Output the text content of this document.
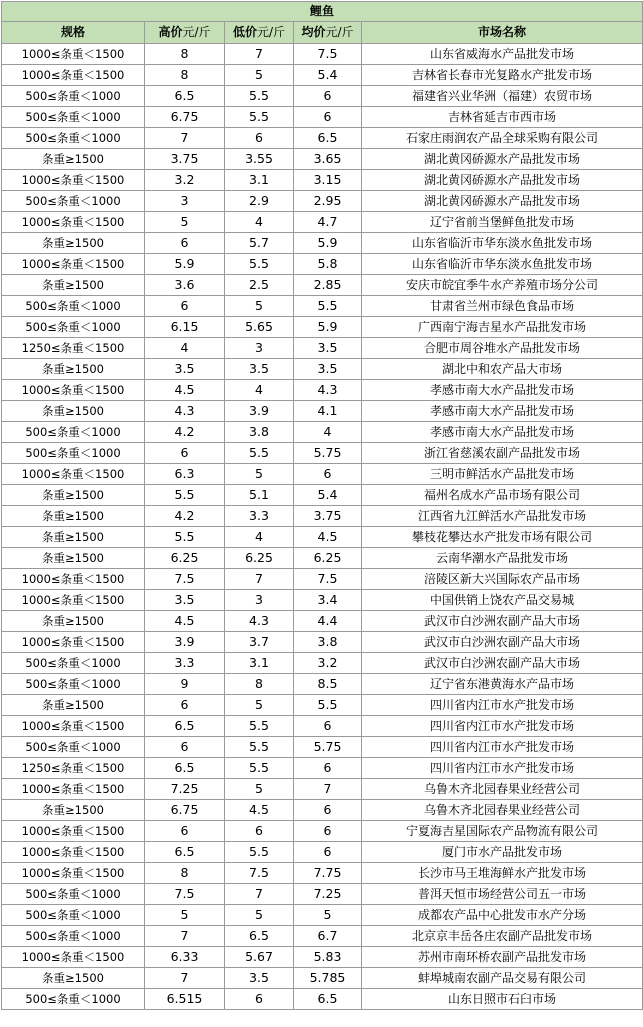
鲤鱼				
规格	高价元/斤	低价元/斤	均价元/斤	市场名称
1000≤条重＜1500	8	7	7.5	山东省威海水产品批发市场
1000≤条重＜1500	8	5	5.4	吉林省长春市光复路水产批发市场
500≤条重＜1000	6.5	5.5	6	福建省兴业华洲（福建）农贸市场
500≤条重＜1000	6.75	5.5	6	吉林省延吉市西市场
500≤条重＜1000	7	6	6.5	石家庄雨润农产品全球采购有限公司
条重≥1500	3.75	3.55	3.65	湖北黄冈硚源水产品批发市场
1000≤条重＜1500	3.2	3.1	3.15	湖北黄冈硚源水产品批发市场
500≤条重＜1000	3	2.9	2.95	湖北黄冈硚源水产品批发市场
1000≤条重＜1500	5	4	4.7	辽宁省前当堡鲜鱼批发市场
条重≥1500	6	5.7	5.9	山东省临沂市华东淡水鱼批发市场
1000≤条重＜1500	5.9	5.5	5.8	山东省临沂市华东淡水鱼批发市场
条重≥1500	3.6	2.5	2.85	安庆市皖宜季牛水产养殖市场分公司
500≤条重＜1000	6	5	5.5	甘肃省兰州市绿色食品市场
500≤条重＜1000	6.15	5.65	5.9	广西南宁海吉星水产品批发市场
1250≤条重＜1500	4	3	3.5	合肥市周谷堆水产品批发市场
条重≥1500	3.5	3.5	3.5	湖北中和农产品大市场
1000≤条重＜1500	4.5	4	4.3	孝感市南大水产品批发市场
条重≥1500	4.3	3.9	4.1	孝感市南大水产品批发市场
500≤条重＜1000	4.2	3.8	4	孝感市南大水产品批发市场
500≤条重＜1000	6	5.5	5.75	浙江省慈溪农副产品批发市场
1000≤条重＜1500	6.3	5	6	三明市鲜活水产品批发市场
条重≥1500	5.5	5.1	5.4	福州名成水产品市场有限公司
条重≥1500	4.2	3.3	3.75	江西省九江鲜活水产品批发市场
条重≥1500	5.5	4	4.5	攀枝花攀达水产批发市场有限公司
条重≥1500	6.25	6.25	6.25	云南华潮水产品批发市场
1000≤条重＜1500	7.5	7	7.5	涪陵区新大兴国际农产品市场
1000≤条重＜1500	3.5	3	3.4	中国供销上饶农产品交易城
条重≥1500	4.5	4.3	4.4	武汉市白沙洲农副产品大市场
1000≤条重＜1500	3.9	3.7	3.8	武汉市白沙洲农副产品大市场
500≤条重＜1000	3.3	3.1	3.2	武汉市白沙洲农副产品大市场
500≤条重＜1000	9	8	8.5	辽宁省东港黄海水产品市场
条重≥1500	6	5	5.5	四川省内江市水产批发市场
1000≤条重＜1500	6.5	5.5	6	四川省内江市水产批发市场
500≤条重＜1000	6	5.5	5.75	四川省内江市水产批发市场
1250≤条重＜1500	6.5	5.5	6	四川省内江市水产批发市场
1000≤条重＜1500	7.25	5	7	乌鲁木齐北园春果业经营公司
条重≥1500	6.75	4.5	6	乌鲁木齐北园春果业经营公司
1000≤条重＜1500	6	6	6	宁夏海吉星国际农产品物流有限公司
1000≤条重＜1500	6.5	5.5	6	厦门市水产品批发市场
1000≤条重＜1500	8	7.5	7.75	长沙市马王堆海鲜水产批发市场
500≤条重＜1000	7.5	7	7.25	普洱天恒市场经营公司五一市场
500≤条重＜1000	5	5	5	成都农产品中心批发市水产分场
500≤条重＜1000	7	6.5	6.7	北京京丰岳各庄农副产品批发市场
1000≤条重＜1500	6.33	5.67	5.83	苏州市南环桥农副产品批发市场
条重≥1500	7	3.5	5.785	蚌埠城南农副产品交易有限公司
500≤条重＜1000	6.515	6	6.5	山东日照市石臼市场
